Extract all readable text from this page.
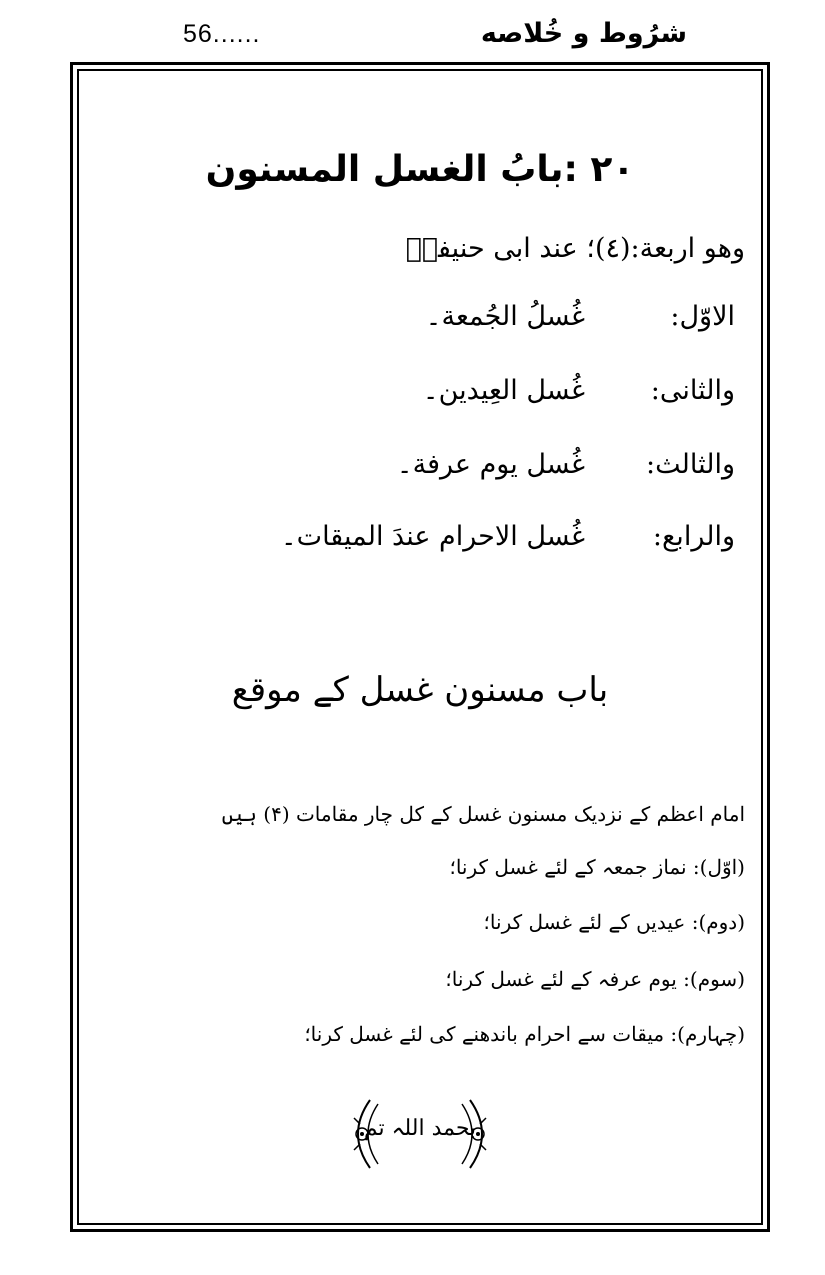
56......	شرُوط و خُلاصه
٢٠ :بابُ الغسل المسنون
وھو اربعة:(٤)؛ عند ابی حنیفةؒ
الاوّل:غُسلُ الجُمعة۔
والثانی:غُسل العِیدین۔
والثالث:غُسل یوم عرفة۔
والرابع:غُسل الاحرام عندَ المیقات۔
باب مسنون غسل کے موقع
امام اعظم کے نزدیک مسنون غسل کے کل چار مقامات (۴) ہیں
(اوّل): نماز جمعہ کے لئے غسل کرنا؛
(دوم): عیدیں کے لئے غسل کرنا؛
(سوم): یوم عرفہ کے لئے غسل کرنا؛
(چہارم): میقات سے احرام باندھنے کی لئے غسل کرنا؛
بحمد اللہ تم
